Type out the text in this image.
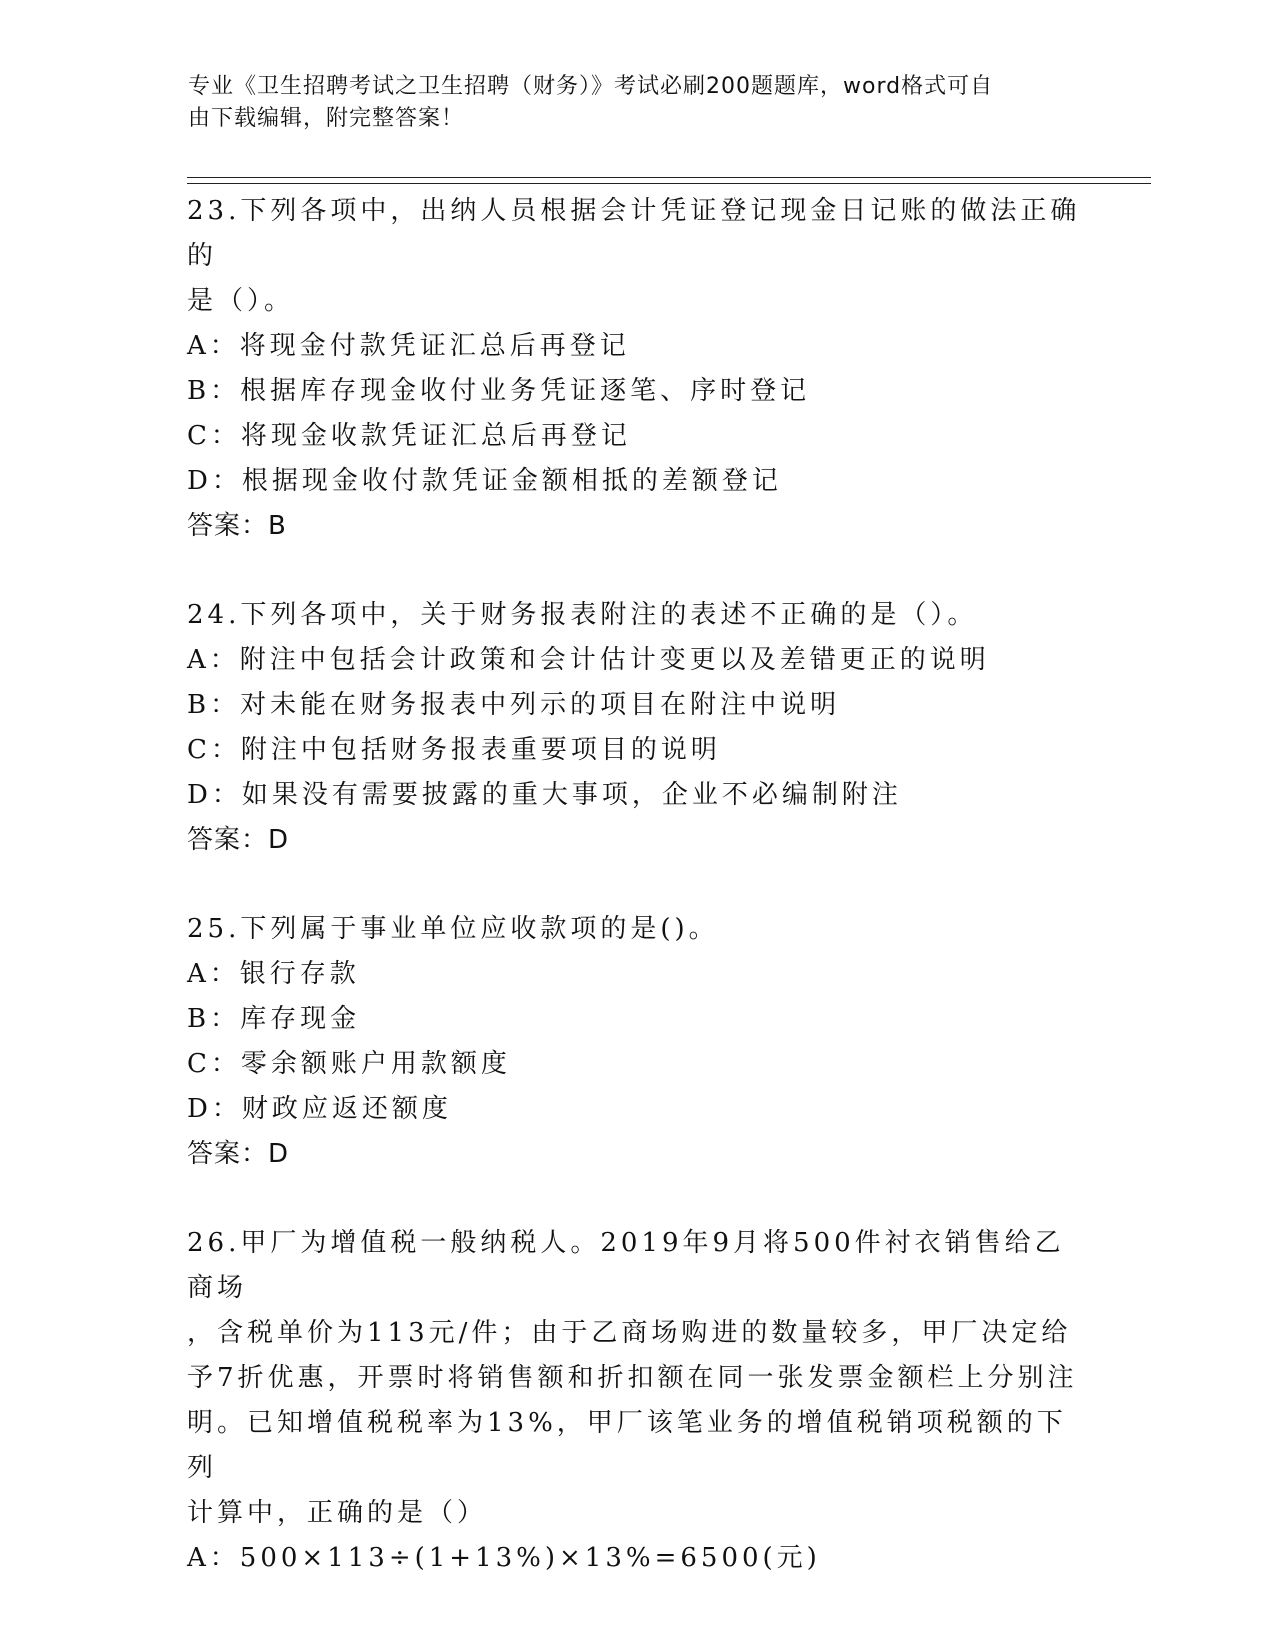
专业《卫生招聘考试之卫生招聘（财务）》考试必刷200题题库，word格式可自
由下载编辑，附完整答案！
23.下列各项中，出纳人员根据会计凭证登记现金日记账的做法正确的
是（）。
A：将现金付款凭证汇总后再登记
B：根据库存现金收付业务凭证逐笔、序时登记
C：将现金收款凭证汇总后再登记
D：根据现金收付款凭证金额相抵的差额登记
答案：B
24.下列各项中，关于财务报表附注的表述不正确的是（）。
A：附注中包括会计政策和会计估计变更以及差错更正的说明
B：对未能在财务报表中列示的项目在附注中说明
C：附注中包括财务报表重要项目的说明
D：如果没有需要披露的重大事项，企业不必编制附注
答案：D
25.下列属于事业单位应收款项的是()。
A：银行存款
B：库存现金
C：零余额账户用款额度
D：财政应返还额度
答案：D
26.甲厂为增值税一般纳税人。2019年9月将500件衬衣销售给乙商场
，含税单价为113元/件；由于乙商场购进的数量较多，甲厂决定给
予7折优惠，开票时将销售额和折扣额在同一张发票金额栏上分别注
明。已知增值税税率为13%，甲厂该笔业务的增值税销项税额的下列
计算中，正确的是（）
A：500×113÷(1+13%)×13%=6500(元)
